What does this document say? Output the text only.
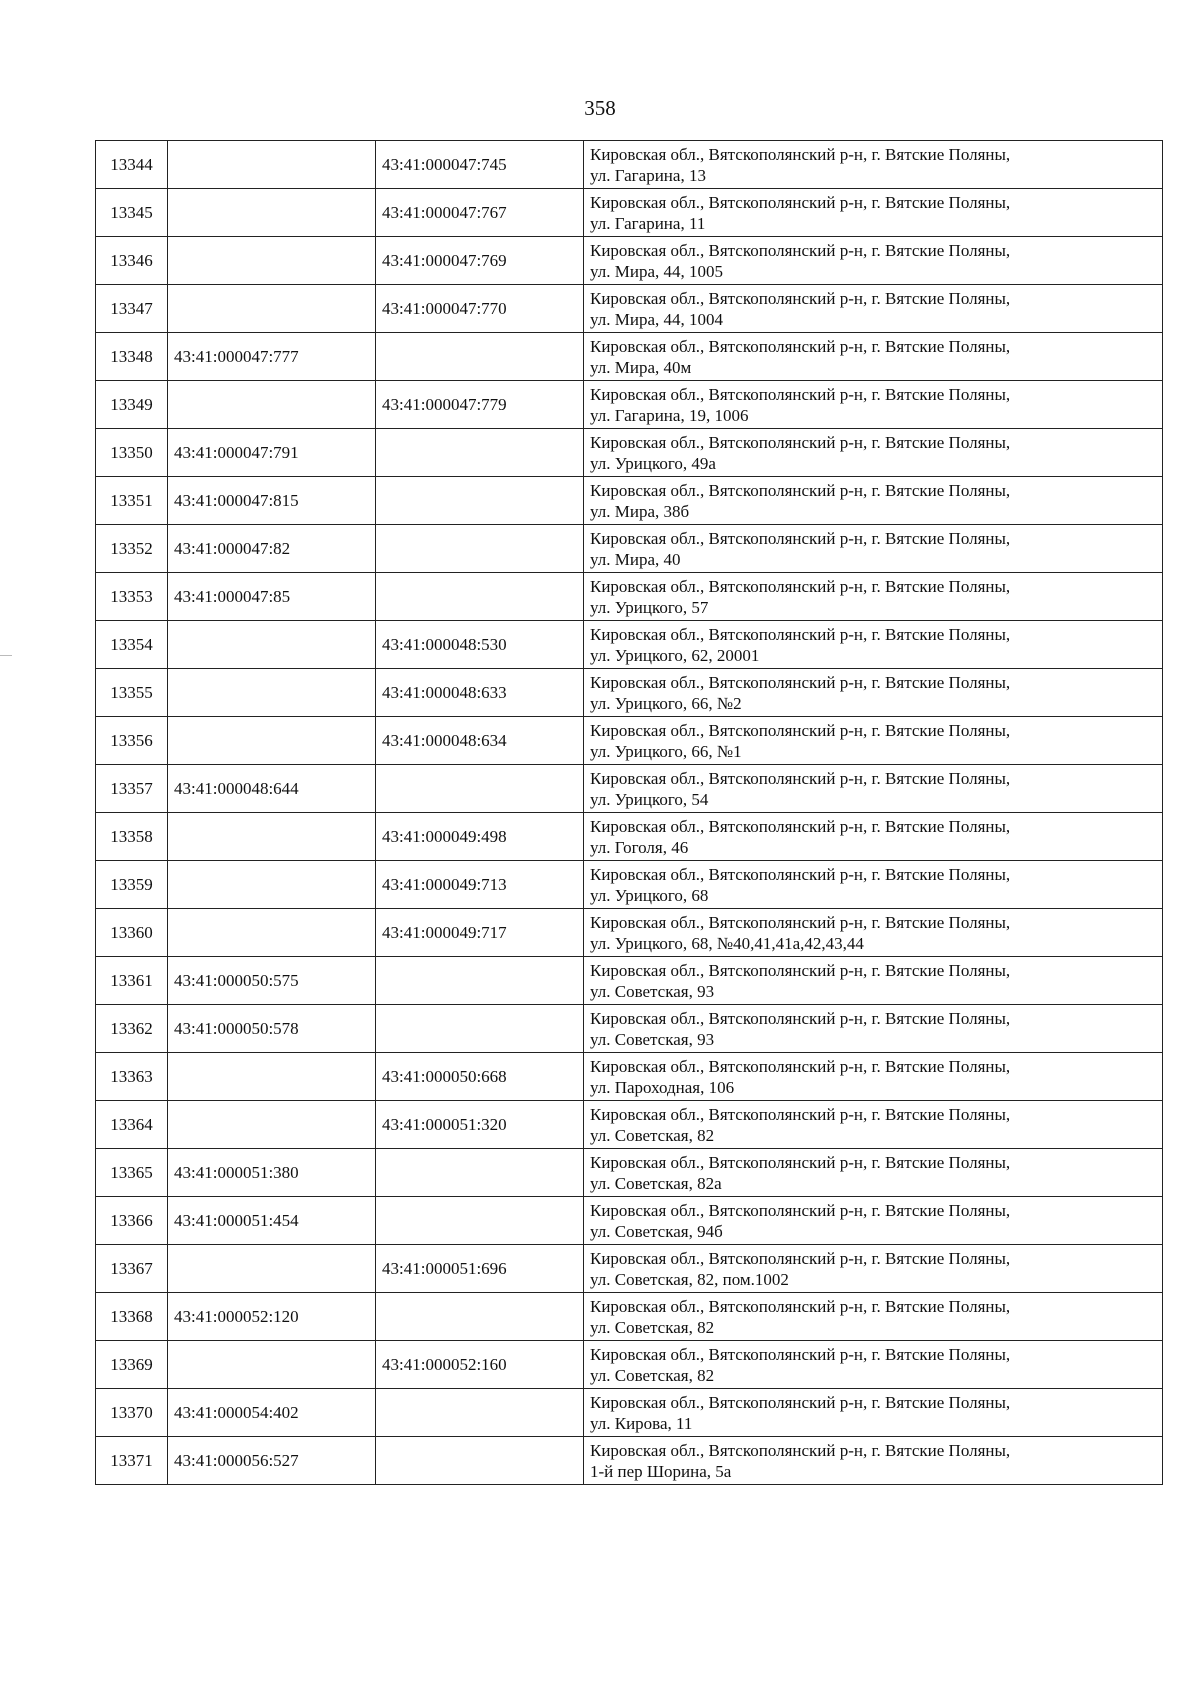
358
13344		43:41:000047:745	Кировская обл., Вятскополянский р-н, г. Вятские Поляны,
ул. Гагарина, 13

13345		43:41:000047:767	Кировская обл., Вятскополянский р-н, г. Вятские Поляны,
ул. Гагарина, 11

13346		43:41:000047:769	Кировская обл., Вятскополянский р-н, г. Вятские Поляны,
ул. Мира, 44, 1005

13347		43:41:000047:770	Кировская обл., Вятскополянский р-н, г. Вятские Поляны,
ул. Мира, 44, 1004

13348	43:41:000047:777		Кировская обл., Вятскополянский р-н, г. Вятские Поляны,
ул. Мира, 40м

13349		43:41:000047:779	Кировская обл., Вятскополянский р-н, г. Вятские Поляны,
ул. Гагарина, 19, 1006

13350	43:41:000047:791		Кировская обл., Вятскополянский р-н, г. Вятские Поляны,
ул. Урицкого, 49а

13351	43:41:000047:815		Кировская обл., Вятскополянский р-н, г. Вятские Поляны,
ул. Мира, 38б

13352	43:41:000047:82		Кировская обл., Вятскополянский р-н, г. Вятские Поляны,
ул. Мира, 40

13353	43:41:000047:85		Кировская обл., Вятскополянский р-н, г. Вятские Поляны,
ул. Урицкого, 57

13354		43:41:000048:530	Кировская обл., Вятскополянский р-н, г. Вятские Поляны,
ул. Урицкого, 62, 20001

13355		43:41:000048:633	Кировская обл., Вятскополянский р-н, г. Вятские Поляны,
ул. Урицкого, 66, №2

13356		43:41:000048:634	Кировская обл., Вятскополянский р-н, г. Вятские Поляны,
ул. Урицкого, 66, №1

13357	43:41:000048:644		Кировская обл., Вятскополянский р-н, г. Вятские Поляны,
ул. Урицкого, 54

13358		43:41:000049:498	Кировская обл., Вятскополянский р-н, г. Вятские Поляны,
ул. Гоголя, 46

13359		43:41:000049:713	Кировская обл., Вятскополянский р-н, г. Вятские Поляны,
ул. Урицкого, 68

13360		43:41:000049:717	Кировская обл., Вятскополянский р-н, г. Вятские Поляны,
ул. Урицкого, 68, №40,41,41а,42,43,44

13361	43:41:000050:575		Кировская обл., Вятскополянский р-н, г. Вятские Поляны,
ул. Советская, 93

13362	43:41:000050:578		Кировская обл., Вятскополянский р-н, г. Вятские Поляны,
ул. Советская, 93

13363		43:41:000050:668	Кировская обл., Вятскополянский р-н, г. Вятские Поляны,
ул. Пароходная, 106

13364		43:41:000051:320	Кировская обл., Вятскополянский р-н, г. Вятские Поляны,
ул. Советская, 82

13365	43:41:000051:380		Кировская обл., Вятскополянский р-н, г. Вятские Поляны,
ул. Советская, 82а

13366	43:41:000051:454		Кировская обл., Вятскополянский р-н, г. Вятские Поляны,
ул. Советская, 94б

13367		43:41:000051:696	Кировская обл., Вятскополянский р-н, г. Вятские Поляны,
ул. Советская, 82, пом.1002

13368	43:41:000052:120		Кировская обл., Вятскополянский р-н, г. Вятские Поляны,
ул. Советская, 82

13369		43:41:000052:160	Кировская обл., Вятскополянский р-н, г. Вятские Поляны,
ул. Советская, 82

13370	43:41:000054:402		Кировская обл., Вятскополянский р-н, г. Вятские Поляны,
ул. Кирова, 11

13371	43:41:000056:527		Кировская обл., Вятскополянский р-н, г. Вятские Поляны,
1-й пер Шорина, 5а
